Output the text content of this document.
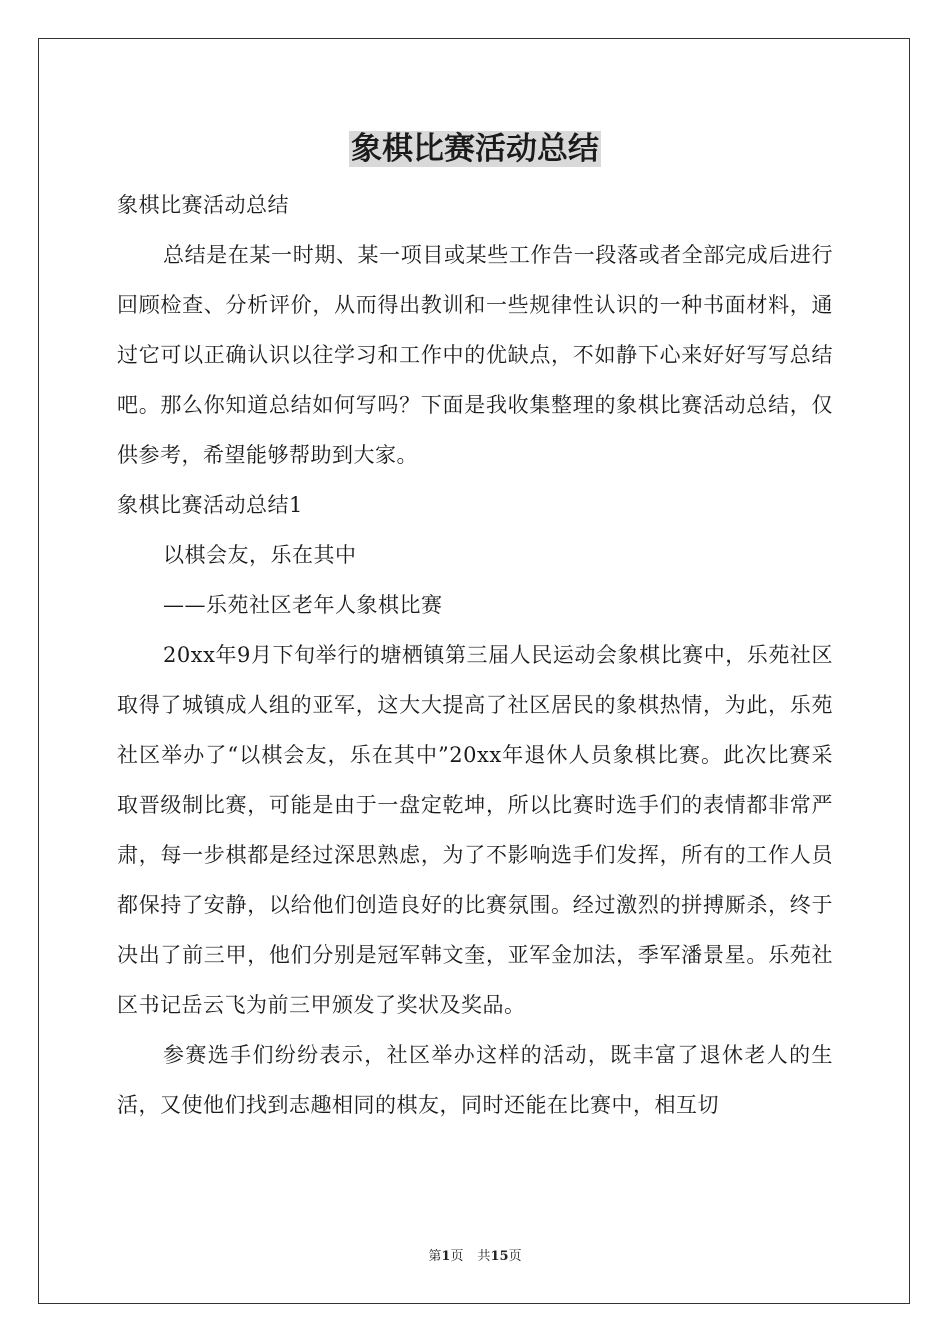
象棋比赛活动总结

象棋比赛活动总结

总结是在某一时期、某一项目或某些工作告一段落或者全部完成后进行回顾检查、分析评价，从而得出教训和一些规律性认识的一种书面材料，通过它可以正确认识以往学习和工作中的优缺点，不如静下心来好好写写总结吧。那么你知道总结如何写吗？下面是我收集整理的象棋比赛活动总结，仅供参考，希望能够帮助到大家。

象棋比赛活动总结1

以棋会友，乐在其中

——乐苑社区老年人象棋比赛

20xx年9月下旬举行的塘栖镇第三届人民运动会象棋比赛中，乐苑社区取得了城镇成人组的亚军，这大大提高了社区居民的象棋热情，为此，乐苑社区举办了“以棋会友，乐在其中”20xx年退休人员象棋比赛。此次比赛采取晋级制比赛，可能是由于一盘定乾坤，所以比赛时选手们的表情都非常严肃，每一步棋都是经过深思熟虑，为了不影响选手们发挥，所有的工作人员都保持了安静，以给他们创造良好的比赛氛围。经过激烈的拼搏厮杀，终于决出了前三甲，他们分别是冠军韩文奎，亚军金加法，季军潘景星。乐苑社区书记岳云飞为前三甲颁发了奖状及奖品。

参赛选手们纷纷表示，社区举办这样的活动，既丰富了退休老人的生活，又使他们找到志趣相同的棋友，同时还能在比赛中，相互切

第1页 共15页
